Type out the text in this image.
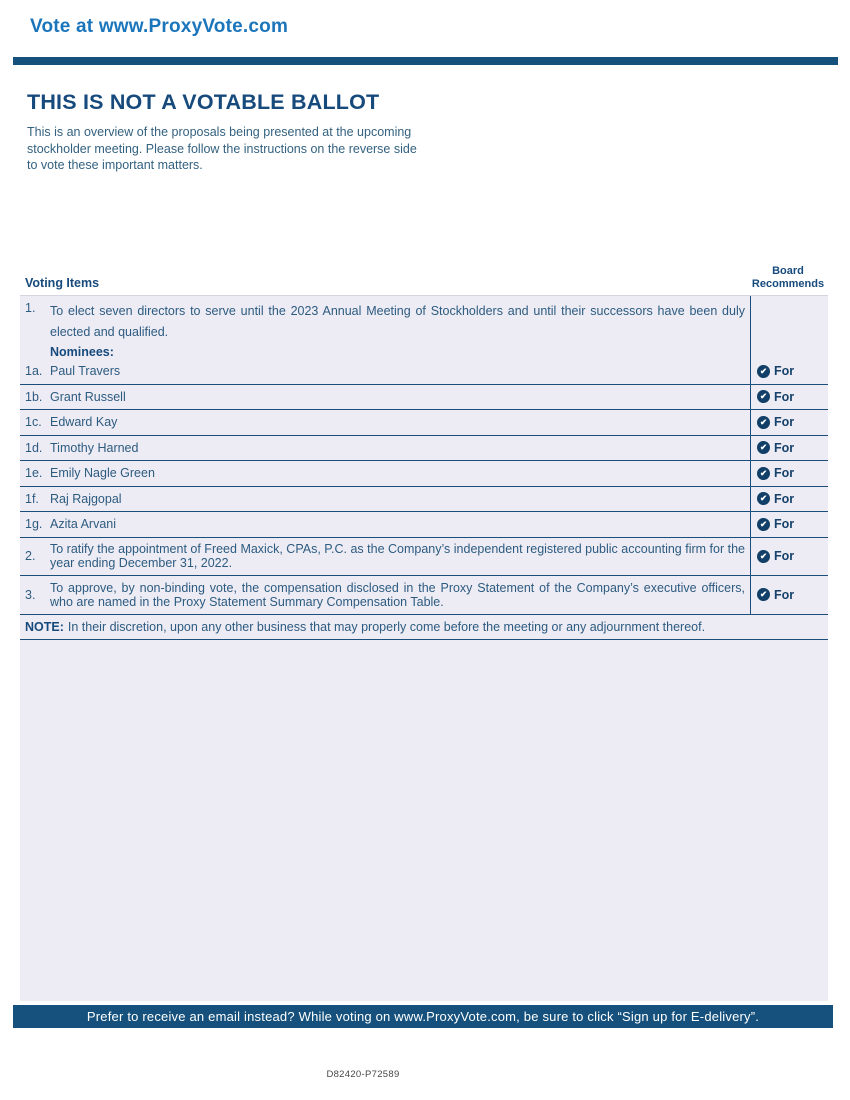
Vote at www.ProxyVote.com
THIS IS NOT A VOTABLE BALLOT
This is an overview of the proposals being presented at the upcoming stockholder meeting. Please follow the instructions on the reverse side to vote these important matters.
Voting Items
Board
Recommends
1.	To elect seven directors to serve until the 2023 Annual Meeting of Stockholders and until their successors have been duly elected and qualified.
Nominees:
1a. Paul Travers ✔	For
1b. Grant Russell ✔	For
1c. Edward Kay ✔	For
1d. Timothy Harned ✔	For
1e. Emily Nagle Green ✔	For
1f. Raj Rajgopal ✔	For
1g. Azita Arvani ✔	For
2.	To ratify the appointment of Freed Maxick, CPAs, P.C. as the Company’s independent registered public accounting firm for the year ending December 31, 2022. ✔	For
3.	To approve, by non-binding vote, the compensation disclosed in the Proxy Statement of the Company’s executive officers, who are named in the Proxy Statement Summary Compensation Table. ✔	For
NOTE: In their discretion, upon any other business that may properly come before the meeting or any adjournment thereof.
Prefer to receive an email instead? While voting on www.ProxyVote.com, be sure to click “Sign up for E-delivery”.
D82420-P72589
